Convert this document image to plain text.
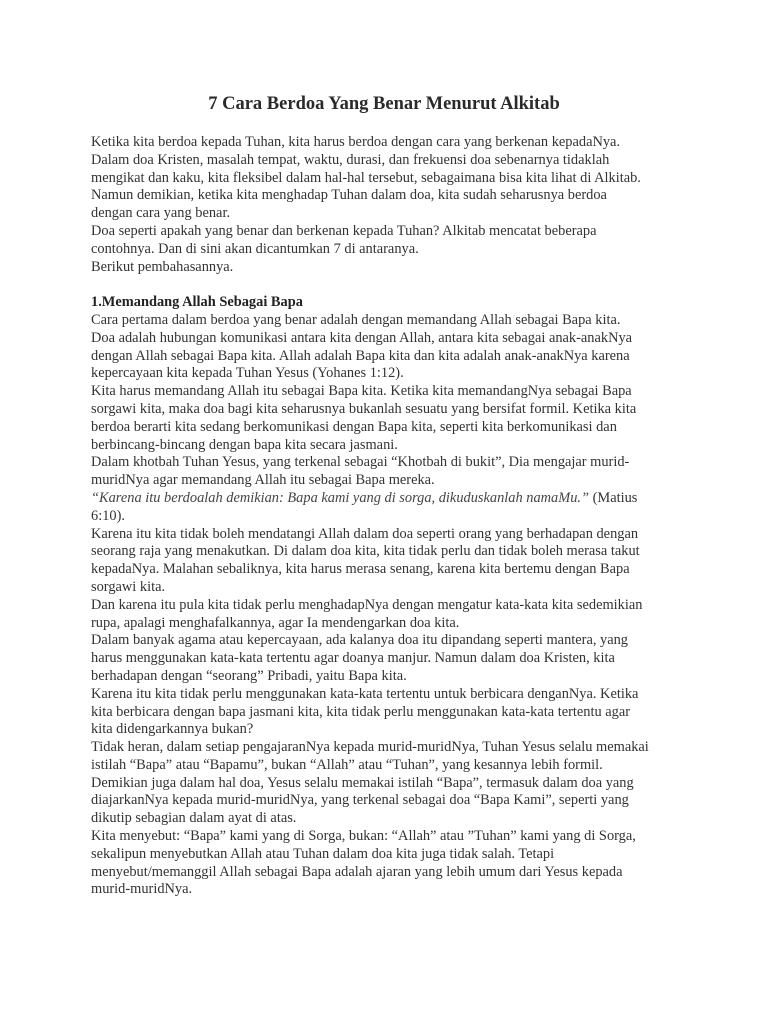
7 Cara Berdoa Yang Benar Menurut Alkitab

Ketika kita berdoa kepada Tuhan, kita harus berdoa dengan cara yang berkenan kepadaNya.

Dalam doa Kristen, masalah tempat, waktu, durasi, dan frekuensi doa sebenarnya tidaklah

mengikat dan kaku, kita fleksibel dalam hal-hal tersebut, sebagaimana bisa kita lihat di Alkitab.

Namun demikian, ketika kita menghadap Tuhan dalam doa, kita sudah seharusnya berdoa

dengan cara yang benar.

Doa seperti apakah yang benar dan berkenan kepada Tuhan? Alkitab mencatat beberapa

contohnya. Dan di sini akan dicantumkan 7 di antaranya.

Berikut pembahasannya.

1.Memandang Allah Sebagai Bapa

Cara pertama dalam berdoa yang benar adalah dengan memandang Allah sebagai Bapa kita.

Doa adalah hubungan komunikasi antara kita dengan Allah, antara kita sebagai anak-anakNya

dengan Allah sebagai Bapa kita. Allah adalah Bapa kita dan kita adalah anak-anakNya karena

kepercayaan kita kepada Tuhan Yesus (Yohanes 1:12).

Kita harus memandang Allah itu sebagai Bapa kita. Ketika kita memandangNya sebagai Bapa

sorgawi kita, maka doa bagi kita seharusnya bukanlah sesuatu yang bersifat formil. Ketika kita

berdoa berarti kita sedang berkomunikasi dengan Bapa kita, seperti kita berkomunikasi dan

berbincang-bincang dengan bapa kita secara jasmani.

Dalam khotbah Tuhan Yesus, yang terkenal sebagai “Khotbah di bukit”, Dia mengajar murid-

muridNya agar memandang Allah itu sebagai Bapa mereka.

“Karena itu berdoalah demikian: Bapa kami yang di sorga, dikuduskanlah namaMu.” (Matius

6:10).

Karena itu kita tidak boleh mendatangi Allah dalam doa seperti orang yang berhadapan dengan

seorang raja yang menakutkan. Di dalam doa kita, kita tidak perlu dan tidak boleh merasa takut

kepadaNya. Malahan sebaliknya, kita harus merasa senang, karena kita bertemu dengan Bapa

sorgawi kita.

Dan karena itu pula kita tidak perlu menghadapNya dengan mengatur kata-kata kita sedemikian

rupa, apalagi menghafalkannya, agar Ia mendengarkan doa kita.

Dalam banyak agama atau kepercayaan, ada kalanya doa itu dipandang seperti mantera, yang

harus menggunakan kata-kata tertentu agar doanya manjur. Namun dalam doa Kristen, kita

berhadapan dengan “seorang” Pribadi, yaitu Bapa kita.

Karena itu kita tidak perlu menggunakan kata-kata tertentu untuk berbicara denganNya. Ketika

kita berbicara dengan bapa jasmani kita, kita tidak perlu menggunakan kata-kata tertentu agar

kita didengarkannya bukan?

Tidak heran, dalam setiap pengajaranNya kepada murid-muridNya, Tuhan Yesus selalu memakai

istilah “Bapa” atau “Bapamu”, bukan “Allah” atau “Tuhan”, yang kesannya lebih formil.

Demikian juga dalam hal doa, Yesus selalu memakai istilah “Bapa”, termasuk dalam doa yang

diajarkanNya kepada murid-muridNya, yang terkenal sebagai doa “Bapa Kami”, seperti yang

dikutip sebagian dalam ayat di atas.

Kita menyebut: “Bapa” kami yang di Sorga, bukan: “Allah” atau ”Tuhan” kami yang di Sorga,

sekalipun menyebutkan Allah atau Tuhan dalam doa kita juga tidak salah. Tetapi

menyebut/memanggil Allah sebagai Bapa adalah ajaran yang lebih umum dari Yesus kepada

murid-muridNya.
